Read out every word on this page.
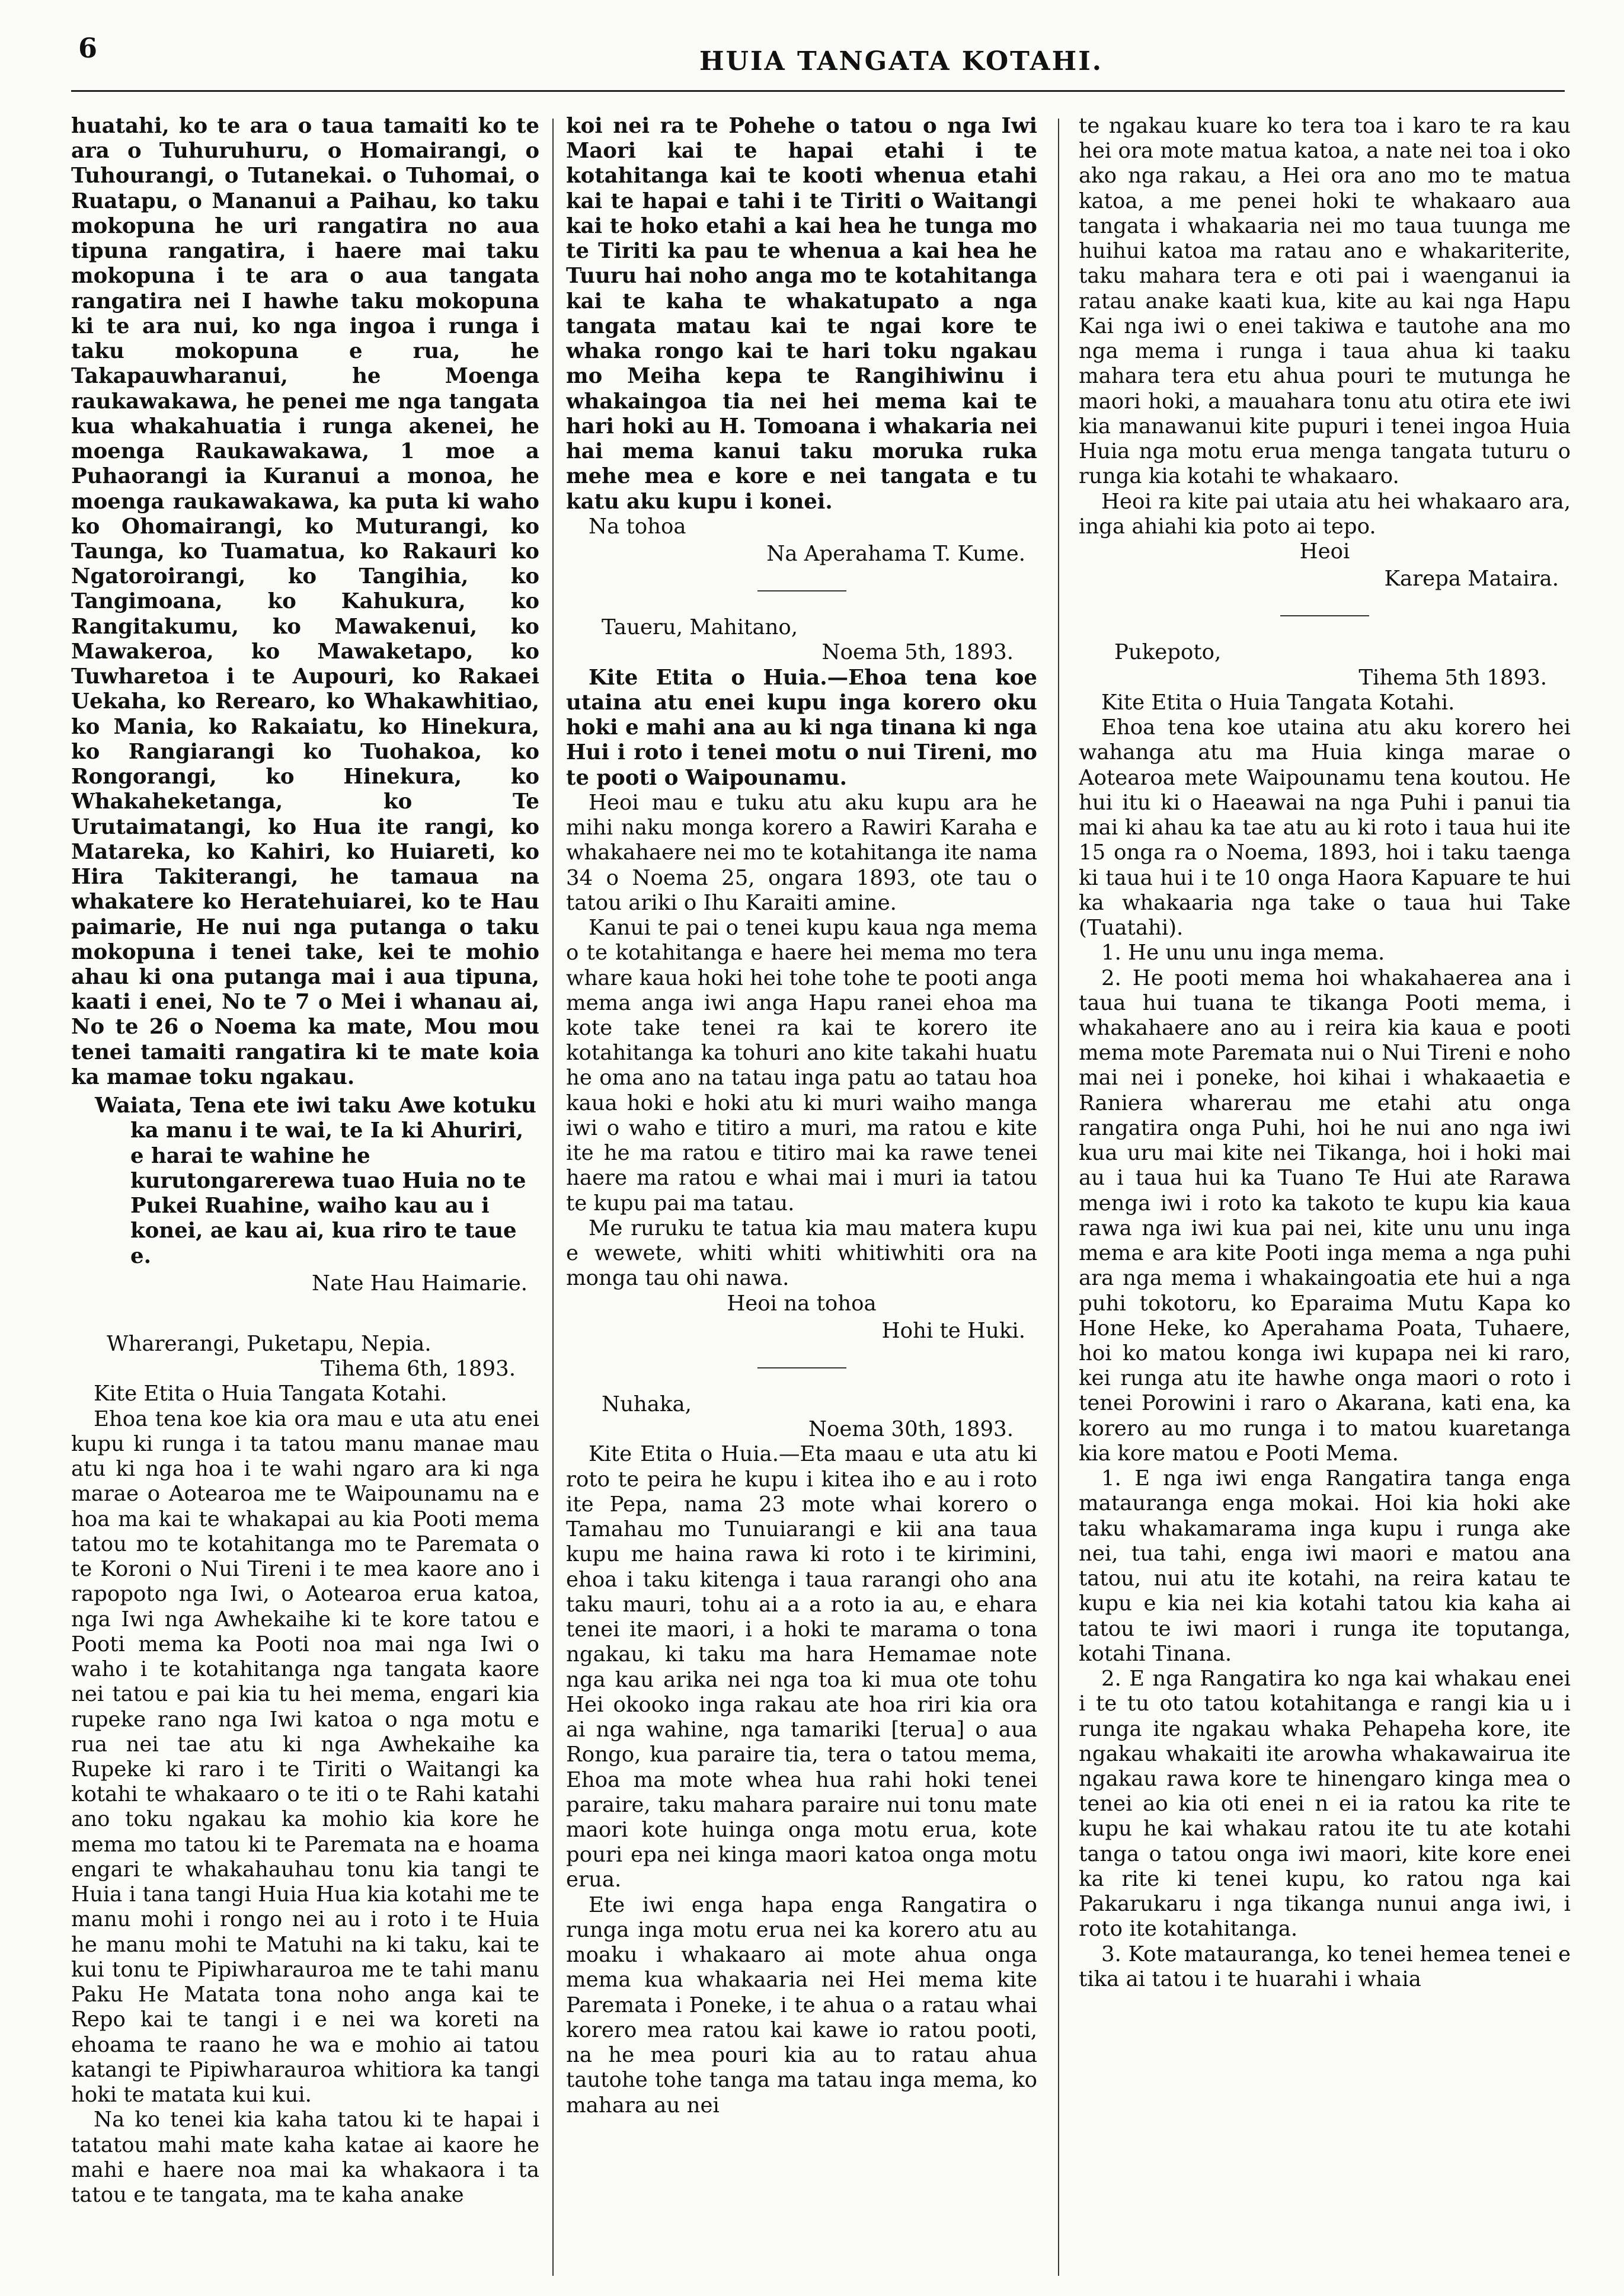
6	HUIA TANGATA KOTAHI.

huatahi, ko te ara o taua tamaiti ko te ara o Tuhuruhuru, o Homairangi, o Tuhourangi, o Tutanekai. o Tuhomai, o Ruatapu, o Mananui a Paihau, ko taku mokopuna he uri rangatira no aua tipuna rangatira, i haere mai taku mokopuna i te ara o aua tangata rangatira nei I hawhe taku mokopuna ki te ara nui, ko nga ingoa i runga i taku mokopuna e rua, he Takapauwharanui, he Moenga raukawakawa, he penei me nga tangata kua whakahuatia i runga akenei, he moenga Raukawakawa, 1 moe a Puhaorangi ia Kuranui a monoa, he moenga raukawakawa, ka puta ki waho ko Ohomairangi, ko Muturangi, ko Taunga, ko Tuamatua, ko Rakauri ko Ngatoroirangi, ko Tangihia, ko Tangimoana, ko Kahukura, ko Rangitakumu, ko Mawakenui, ko Mawakeroa, ko Mawaketapo, ko Tuwharetoa i te Aupouri, ko Rakaei Uekaha, ko Rerearo, ko Whakawhitiao, ko Mania, ko Rakaiatu, ko Hinekura, ko Rangiarangi ko Tuohakoa, ko Rongorangi, ko Hinekura, ko Whakaheketanga, ko Te Urutaimatangi, ko Hua ite rangi, ko Matareka, ko Kahiri, ko Huiareti, ko Hira Takiterangi, he tamaua na whakatere ko Heratehuiarei, ko te Hau paimarie, He nui nga putanga o taku mokopuna i tenei take, kei te mohio ahau ki ona putanga mai i aua tipuna, kaati i enei, No te 7 o Mei i whanau ai, No te 26 o Noema ka mate, Mou mou tenei tamaiti rangatira ki te mate koia ka mamae toku ngakau.

Waiata, Tena ete iwi taku Awe kotuku ka manu i te wai, te Ia ki Ahuriri, e harai te wahine he kurutongarerewa tuao Huia no te Pukei Ruahine, waiho kau au i konei, ae kau ai, kua riro te taue e.

Nate Hau Haimarie.

Wharerangi, Puketapu, Nepia.

Tihema 6th, 1893.

Kite Etita o Huia Tangata Kotahi.

Ehoa tena koe kia ora mau e uta atu enei kupu ki runga i ta tatou manu manae mau atu ki nga hoa i te wahi ngaro ara ki nga marae o Aotearoa me te Waipounamu na e hoa ma kai te whakapai au kia Pooti mema tatou mo te kotahitanga mo te Paremata o te Koroni o Nui Tireni i te mea kaore ano i rapopoto nga Iwi, o Aotearoa erua katoa, nga Iwi nga Awhekaihe ki te kore tatou e Pooti mema ka Pooti noa mai nga Iwi o waho i te kotahitanga nga tangata kaore nei tatou e pai kia tu hei mema, engari kia rupeke rano nga Iwi katoa o nga motu e rua nei tae atu ki nga Awhekaihe ka Rupeke ki raro i te Tiriti o Waitangi ka kotahi te whakaaro o te iti o te Rahi katahi ano toku ngakau ka mohio kia kore he mema mo tatou ki te Paremata na e hoama engari te whakahauhau tonu kia tangi te Huia i tana tangi Huia Hua kia kotahi me te manu mohi i rongo nei au i roto i te Huia he manu mohi te Matuhi na ki taku, kai te kui tonu te Pipiwharauroa me te tahi manu Paku He Matata tona noho anga kai te Repo kai te tangi i e nei wa koreti na ehoama te raano he wa e mohio ai tatou katangi te Pipiwharauroa whitiora ka tangi hoki te matata kui kui.

Na ko tenei kia kaha tatou ki te hapai i tatatou mahi mate kaha katae ai kaore he mahi e haere noa mai ka whakaora i ta tatou e te tangata, ma te kaha anake

koi nei ra te Pohehe o tatou o nga Iwi Maori kai te hapai etahi i te kotahitanga kai te kooti whenua etahi kai te hapai e tahi i te Tiriti o Waitangi kai te hoko etahi a kai hea he tunga mo te Tiriti ka pau te whenua a kai hea he Tuuru hai noho anga mo te kotahitanga kai te kaha te whakatupato a nga tangata matau kai te ngai kore te whaka rongo kai te hari toku ngakau mo Meiha kepa te Rangihiwinu i whakaingoa tia nei hei mema kai te hari hoki au H. Tomoana i whakaria nei hai mema kanui taku moruka ruka mehe mea e kore e nei tangata e tu katu aku kupu i konei.

Na tohoa

Na Aperahama T. Kume.

Taueru, Mahitano,

Noema 5th, 1893.

Kite Etita o Huia.—Ehoa tena koe utaina atu enei kupu inga korero oku hoki e mahi ana au ki nga tinana ki nga Hui i roto i tenei motu o nui Tireni, mo te pooti o Waipounamu.

Heoi mau e tuku atu aku kupu ara he mihi naku monga korero a Rawiri Karaha e whakahaere nei mo te kotahitanga ite nama 34 o Noema 25, ongara 1893, ote tau o tatou ariki o Ihu Karaiti amine.

Kanui te pai o tenei kupu kaua nga mema o te kotahitanga e haere hei mema mo tera whare kaua hoki hei tohe tohe te pooti anga mema anga iwi anga Hapu ranei ehoa ma kote take tenei ra kai te korero ite kotahitanga ka tohuri ano kite takahi huatu he oma ano na tatau inga patu ao tatau hoa kaua hoki e hoki atu ki muri waiho manga iwi o waho e titiro a muri, ma ratou e kite ite he ma ratou e titiro mai ka rawe tenei haere ma ratou e whai mai i muri ia tatou te kupu pai ma tatau.

Me ruruku te tatua kia mau matera kupu e wewete, whiti whiti whitiwhiti ora na monga tau ohi nawa.

Heoi na tohoa

Hohi te Huki.

Nuhaka,

Noema 30th, 1893.

Kite Etita o Huia.—Eta maau e uta atu ki roto te peira he kupu i kitea iho e au i roto ite Pepa, nama 23 mote whai korero o Tamahau mo Tunuiarangi e kii ana taua kupu me haina rawa ki roto i te kirimini, ehoa i taku kitenga i taua rarangi oho ana taku mauri, tohu ai a a roto ia au, e ehara tenei ite maori, i a hoki te marama o tona ngakau, ki taku ma hara Hemamae note nga kau arika nei nga toa ki mua ote tohu Hei okooko inga rakau ate hoa riri kia ora ai nga wahine, nga tamariki [terua] o aua Rongo, kua paraire tia, tera o tatou mema, Ehoa ma mote whea hua rahi hoki tenei paraire, taku mahara paraire nui tonu mate maori kote huinga onga motu erua, kote pouri epa nei kinga maori katoa onga motu erua.

Ete iwi enga hapa enga Rangatira o runga inga motu erua nei ka korero atu au moaku i whakaaro ai mote ahua onga mema kua whakaaria nei Hei mema kite Paremata i Poneke, i te ahua o a ratau whai korero mea ratou kai kawe io ratou pooti, na he mea pouri kia au to ratau ahua tautohe tohe tanga ma tatau inga mema, ko mahara au nei

te ngakau kuare ko tera toa i karo te ra kau hei ora mote matua katoa, a nate nei toa i oko ako nga rakau, a Hei ora ano mo te matua katoa, a me penei hoki te whakaaro aua tangata i whakaaria nei mo taua tuunga me huihui katoa ma ratau ano e whakariterite, taku mahara tera e oti pai i waenganui ia ratau anake kaati kua, kite au kai nga Hapu Kai nga iwi o enei takiwa e tautohe ana mo nga mema i runga i taua ahua ki taaku mahara tera etu ahua pouri te mutunga he maori hoki, a mauahara tonu atu otira ete iwi kia manawanui kite pupuri i tenei ingoa Huia Huia nga motu erua menga tangata tuturu o runga kia kotahi te whakaaro.

Heoi ra kite pai utaia atu hei whakaaro ara, inga ahiahi kia poto ai tepo.

Heoi

Karepa Mataira.

Pukepoto,

Tihema 5th 1893.

Kite Etita o Huia Tangata Kotahi.

Ehoa tena koe utaina atu aku korero hei wahanga atu ma Huia kinga marae o Aotearoa mete Waipounamu tena koutou. He hui itu ki o Haeawai na nga Puhi i panui tia mai ki ahau ka tae atu au ki roto i taua hui ite 15 onga ra o Noema, 1893, hoi i taku taenga ki taua hui i te 10 onga Haora Kapuare te hui ka whakaaria nga take o taua hui Take (Tuatahi).

1. He unu unu inga mema.

2. He pooti mema hoi whakahaerea ana i taua hui tuana te tikanga Pooti mema, i whakahaere ano au i reira kia kaua e pooti mema mote Paremata nui o Nui Tireni e noho mai nei i poneke, hoi kihai i whakaaetia e Raniera wharerau me etahi atu onga rangatira onga Puhi, hoi he nui ano nga iwi kua uru mai kite nei Tikanga, hoi i hoki mai au i taua hui ka Tuano Te Hui ate Rarawa menga iwi i roto ka takoto te kupu kia kaua rawa nga iwi kua pai nei, kite unu unu inga mema e ara kite Pooti inga mema a nga puhi ara nga mema i whakaingoatia ete hui a nga puhi tokotoru, ko Eparaima Mutu Kapa ko Hone Heke, ko Aperahama Poata, Tuhaere, hoi ko matou konga iwi kupapa nei ki raro, kei runga atu ite hawhe onga maori o roto i tenei Porowini i raro o Akarana, kati ena, ka korero au mo runga i to matou kuaretanga kia kore matou e Pooti Mema.

1. E nga iwi enga Rangatira tanga enga matauranga enga mokai. Hoi kia hoki ake taku whakamarama inga kupu i runga ake nei, tua tahi, enga iwi maori e matou ana tatou, nui atu ite kotahi, na reira katau te kupu e kia nei kia kotahi tatou kia kaha ai tatou te iwi maori i runga ite toputanga, kotahi Tinana.

2. E nga Rangatira ko nga kai whakau enei i te tu oto tatou kotahitanga e rangi kia u i runga ite ngakau whaka Pehapeha kore, ite ngakau whakaiti ite arowha whakawairua ite ngakau rawa kore te hinengaro kinga mea o tenei ao kia oti enei n ei ia ratou ka rite te kupu he kai whakau ratou ite tu ate kotahi tanga o tatou onga iwi maori, kite kore enei ka rite ki tenei kupu, ko ratou nga kai Pakarukaru i nga tikanga nunui anga iwi, i roto ite kotahitanga.

3. Kote matauranga, ko tenei hemea tenei e tika ai tatou i te huarahi i whaia
